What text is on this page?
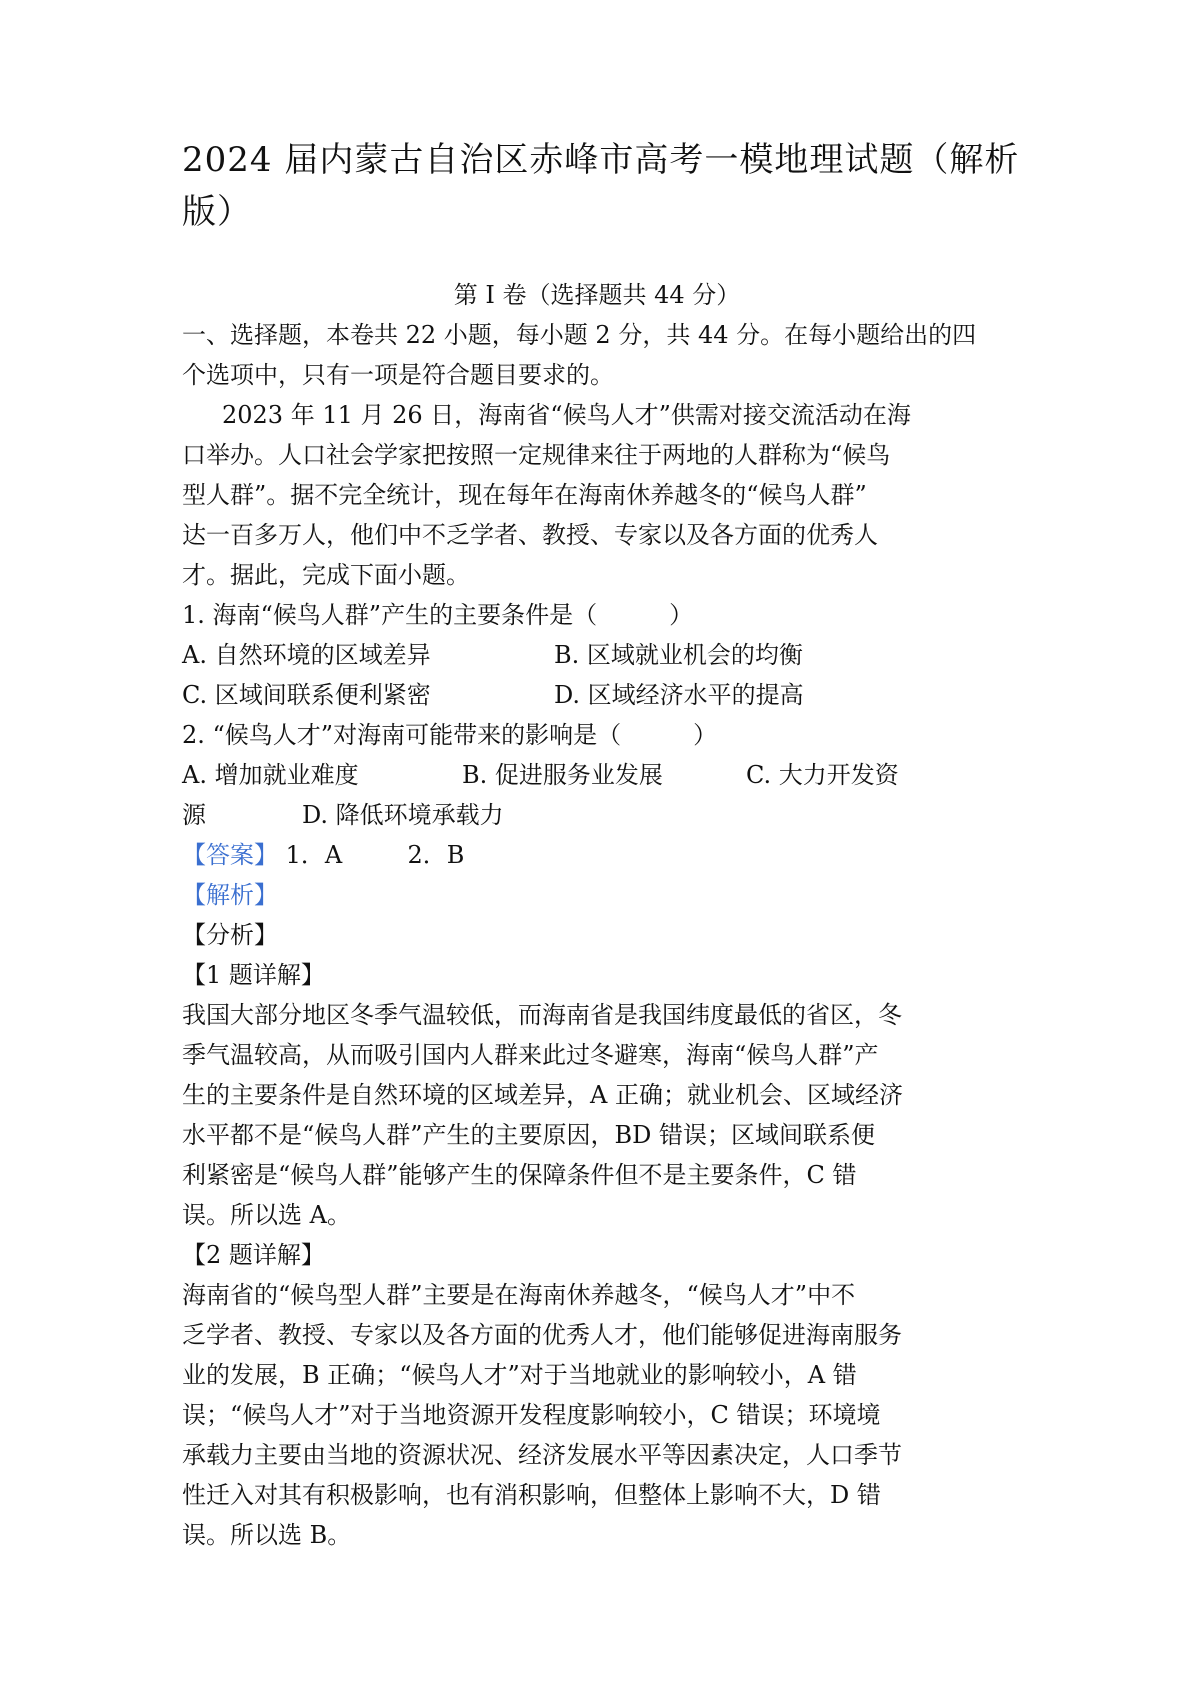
2024 届内蒙古自治区赤峰市高考一模地理试题（解析版）

第 I 卷（选择题共 44 分）

一、选择题，本卷共 22 小题，每小题 2 分，共 44 分。在每小题给出的四

个选项中，只有一项是符合题目要求的。

2023 年 11 月 26 日，海南省“候鸟人才”供需对接交流活动在海

口举办。人口社会学家把按照一定规律来往于两地的人群称为“候鸟

型人群”。据不完全统计，现在每年在海南休养越冬的“候鸟人群”

达一百多万人，他们中不乏学者、教授、专家以及各方面的优秀人

才。据此，完成下面小题。

1. 海南“候鸟人群”产生的主要条件是（　　　）

A. 自然环境的区域差异	B. 区域就业机会的均衡
C. 区域间联系便利紧密	D. 区域经济水平的提高

2. “候鸟人才”对海南可能带来的影响是（　　　）

A. 增加就业难度	B. 促进服务业发展	C. 大力开发资
源	D. 降低环境承载力
【答案】 1．A	2．B

【解析】

【分析】

【1 题详解】

我国大部分地区冬季气温较低，而海南省是我国纬度最低的省区，冬

季气温较高，从而吸引国内人群来此过冬避寒，海南“候鸟人群”产

生的主要条件是自然环境的区域差异，A 正确；就业机会、区域经济

水平都不是“候鸟人群”产生的主要原因，BD 错误；区域间联系便

利紧密是“候鸟人群”能够产生的保障条件但不是主要条件，C 错

误。所以选 A。

【2 题详解】

海南省的“候鸟型人群”主要是在海南休养越冬，“候鸟人才”中不

乏学者、教授、专家以及各方面的优秀人才，他们能够促进海南服务

业的发展，B 正确；“候鸟人才”对于当地就业的影响较小，A 错

误；“候鸟人才”对于当地资源开发程度影响较小，C 错误；环境境

承载力主要由当地的资源状况、经济发展水平等因素决定，人口季节

性迁入对其有积极影响，也有消积影响，但整体上影响不大，D 错

误。所以选 B。
